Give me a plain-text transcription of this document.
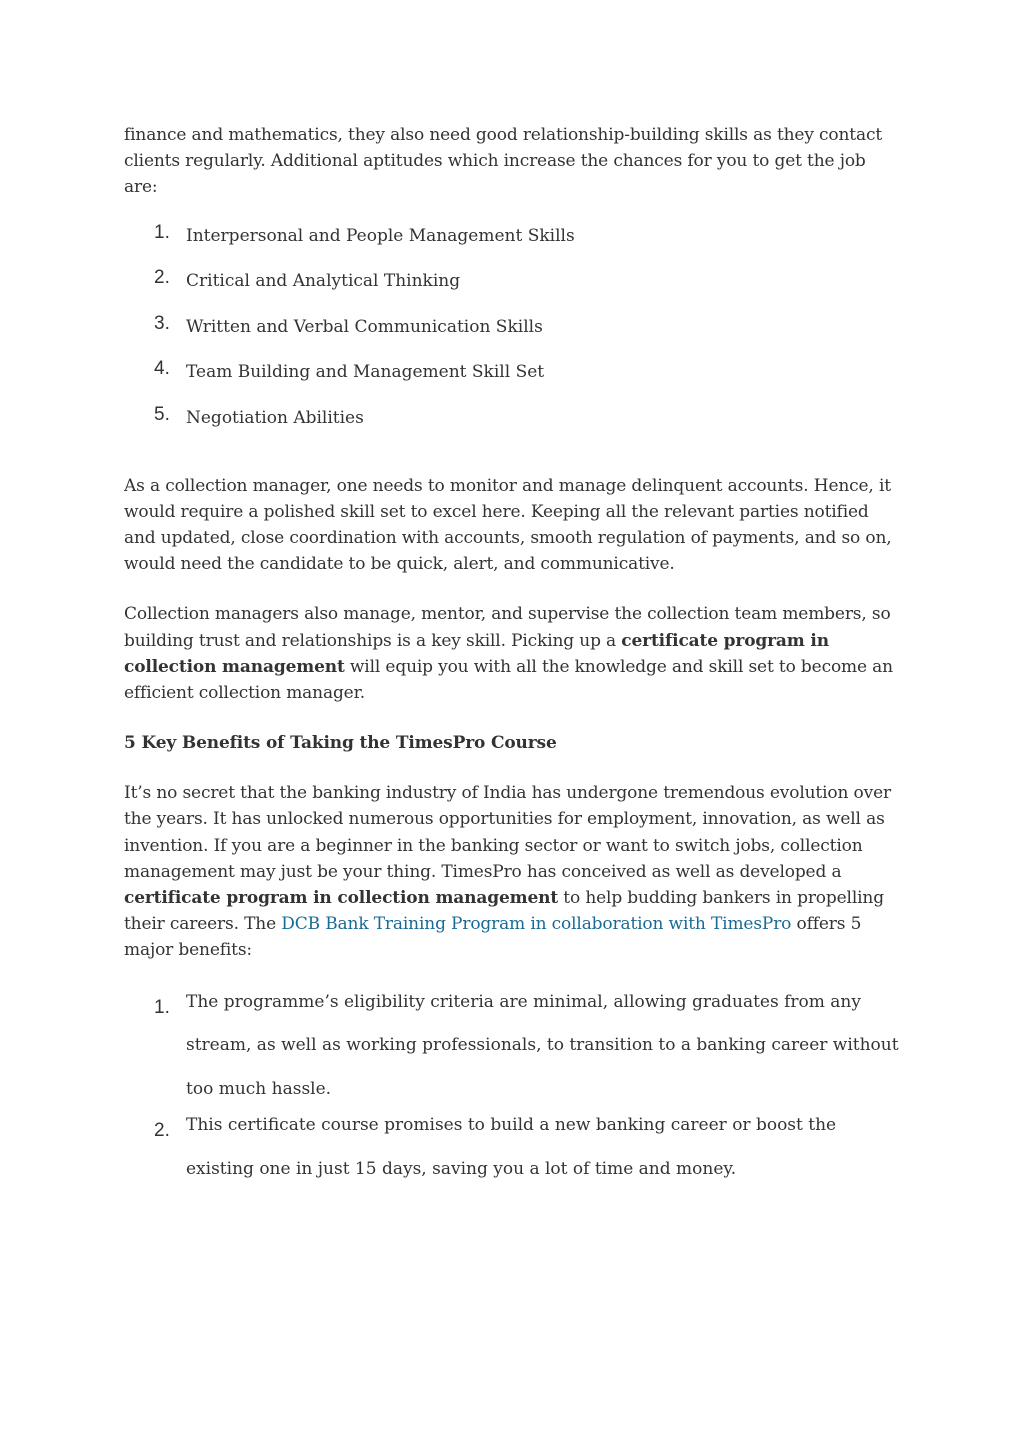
finance and mathematics, they also need good relationship-building skills as they contact clients regularly. Additional aptitudes which increase the chances for you to get the job are:

1. Interpersonal and People Management Skills
2. Critical and Analytical Thinking
3. Written and Verbal Communication Skills
4. Team Building and Management Skill Set
5. Negotiation Abilities

As a collection manager, one needs to monitor and manage delinquent accounts. Hence, it would require a polished skill set to excel here. Keeping all the relevant parties notified and updated, close coordination with accounts, smooth regulation of payments, and so on, would need the candidate to be quick, alert, and communicative.

Collection managers also manage, mentor, and supervise the collection team members, so building trust and relationships is a key skill. Picking up a certificate program in collection management will equip you with all the knowledge and skill set to become an efficient collection manager.

5 Key Benefits of Taking the TimesPro Course

It’s no secret that the banking industry of India has undergone tremendous evolution over the years. It has unlocked numerous opportunities for employment, innovation, as well as invention. If you are a beginner in the banking sector or want to switch jobs, collection management may just be your thing. TimesPro has conceived as well as developed a certificate program in collection management to help budding bankers in propelling their careers. The DCB Bank Training Program in collaboration with TimesPro offers 5 major benefits:

1. The programme’s eligibility criteria are minimal, allowing graduates from any stream, as well as working professionals, to transition to a banking career without too much hassle.
2. This certificate course promises to build a new banking career or boost the existing one in just 15 days, saving you a lot of time and money.
